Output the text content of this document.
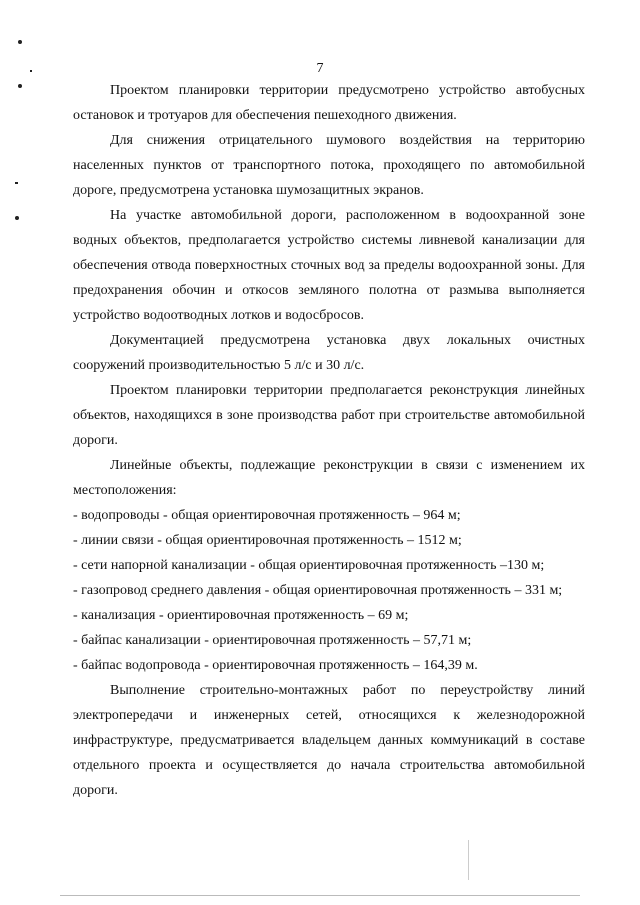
7

Проектом планировки территории предусмотрено устройство автобусных остановок и тротуаров для обеспечения пешеходного движения.

Для снижения отрицательного шумового воздействия на территорию населенных пунктов от транспортного потока, проходящего по автомобильной дороге, предусмотрена установка шумозащитных экранов.

На участке автомобильной дороги, расположенном в водоохранной зоне водных объектов, предполагается устройство системы ливневой канализации для обеспечения отвода поверхностных сточных вод за пределы водоохранной зоны. Для предохранения обочин и откосов земляного полотна от размыва выполняется устройство водоотводных лотков и водосбросов.

Документацией предусмотрена установка двух локальных очистных сооружений производительностью 5 л/с и 30 л/с.

Проектом планировки территории предполагается реконструкция линейных объектов, находящихся в зоне производства работ при строительстве автомобильной дороги.

Линейные объекты, подлежащие реконструкции в связи с изменением их местоположения:

- водопроводы - общая ориентировочная протяженность – 964 м;

- линии связи - общая ориентировочная протяженность – 1512 м;

- сети напорной канализации - общая ориентировочная протяженность –130 м;

- газопровод среднего давления - общая ориентировочная протяженность – 331 м;

- канализация - ориентировочная протяженность – 69 м;

- байпас канализации - ориентировочная протяженность – 57,71 м;

- байпас водопровода - ориентировочная протяженность – 164,39 м.

Выполнение строительно-монтажных работ по переустройству линий электропередачи и инженерных сетей, относящихся к железнодорожной инфраструктуре, предусматривается владельцем данных коммуникаций в составе отдельного проекта и осуществляется до начала строительства автомобильной дороги.
